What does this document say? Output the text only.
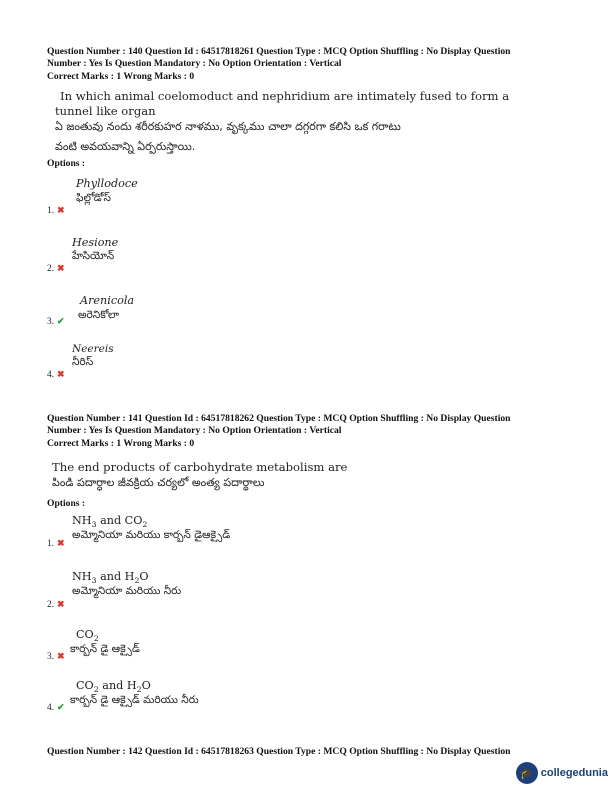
Question Number : 140 Question Id : 64517818261 Question Type : MCQ Option Shuffling : No Display Question
Number : Yes Is Question Mandatory : No Option Orientation : Vertical
Correct Marks : 1 Wrong Marks : 0
In which animal coelomoduct and nephridium are intimately fused to form a
tunnel like organ
ఏ జంతువు నందు శరీరకుహర నాళము, వృక్కము చాలా దగ్గరగా కలిసి ఒక గరాటు
వంటి అవయవాన్ని ఏర్పరుస్తాయి.
Options :
Phyllodoce
ఫిల్లోడోస్
1. ✖
Hesione
హేసియోన్
2. ✖
Arenicola
అరెనికోలా
3. ✔
Neereis
నీరిస్
4. ✖
Question Number : 141 Question Id : 64517818262 Question Type : MCQ Option Shuffling : No Display Question
Number : Yes Is Question Mandatory : No Option Orientation : Vertical
Correct Marks : 1 Wrong Marks : 0
The end products of carbohydrate metabolism are
పిండి పదార్ధాల జీవక్రియ చర్యలో అంత్య పదార్థాలు
Options :
$NH_3$ and $CO_2$
అమ్మోనియా మరియు కార్బన్ డైఆక్సైడ్
1. ✖
$NH_3$ and $H_2O$
అమ్మోనియా మరియు నీరు
2. ✖
$CO_2$
కార్బన్ డై ఆక్సైడ్
3. ✖
$CO_2$ and $H_2O$
కార్బన్ డై ఆక్సైడ్ మరియు నీరు
4. ✔
Question Number : 142 Question Id : 64517818263 Question Type : MCQ Option Shuffling : No Display Question
🎓 collegedunia
